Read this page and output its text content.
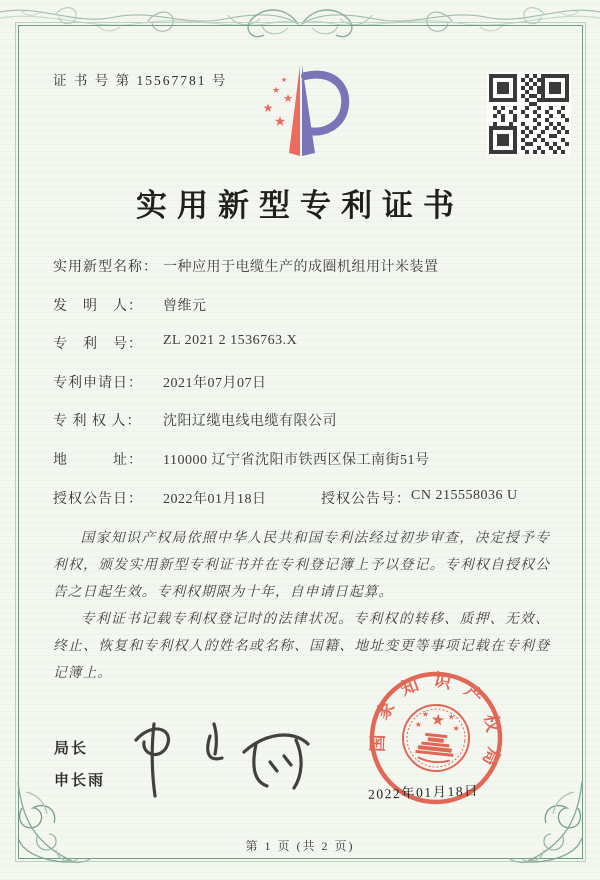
证 书 号 第 15567781 号	★
★
★
★
★
实用新型专利证书
实用新型名称： 一种应用于电缆生产的成圈机组用计米装置
发　明　人：	曾维元
专　利　号：	ZL 2021 2 1536763.X
专利申请日：	2021年07月07日
专 利 权 人：	沈阳辽缆电线电缆有限公司
地　　　址：	110000 辽宁省沈阳市铁西区保工南街51号
授权公告日：	2022年01月18日	授权公告号： CN 215558036 U

国家知识产权局依照中华人民共和国专利法经过初步审查，决定授予专利权，颁发实用新型专利证书并在专利登记簿上予以登记。专利权自授权公告之日起生效。专利权期限为十年，自申请日起算。

专利证书记载专利权登记时的法律状况。专利权的转移、质押、无效、终止、恢复和专利权人的姓名或名称、国籍、地址变更等事项记载在专利登记簿上。

局长
申长雨
国家知识产权局
★
★ ★
★	★
2022年01月18日
第 1 页 (共 2 页)
